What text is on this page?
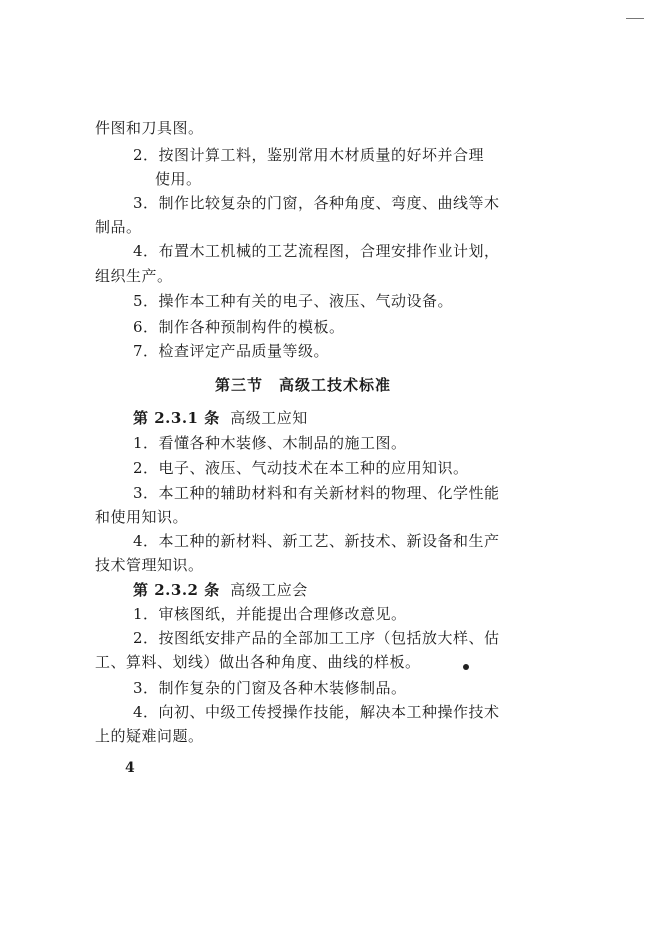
件图和刀具图。
2．按图计算工料，鉴别常用木材质量的好坏并合理
使用。
3．制作比较复杂的门窗，各种角度、弯度、曲线等木
制品。
4．布置木工机械的工艺流程图，合理安排作业计划，
组织生产。
5．操作本工种有关的电子、液压、气动设备。
6．制作各种预制构件的模板。
7．检查评定产品质量等级。
第三节　高级工技术标准
第 2.3.1 条 高级工应知
1．看懂各种木装修、木制品的施工图。
2．电子、液压、气动技术在本工种的应用知识。
3．本工种的辅助材料和有关新材料的物理、化学性能
和使用知识。
4．本工种的新材料、新工艺、新技术、新设备和生产
技术管理知识。
第 2.3.2 条 高级工应会
1．审核图纸，并能提出合理修改意见。
2．按图纸安排产品的全部加工工序（包括放大样、估
工、算料、划线）做出各种角度、曲线的样板。
3．制作复杂的门窗及各种木装修制品。
4．向初、中级工传授操作技能，解决本工种操作技术
上的疑难问题。
4
